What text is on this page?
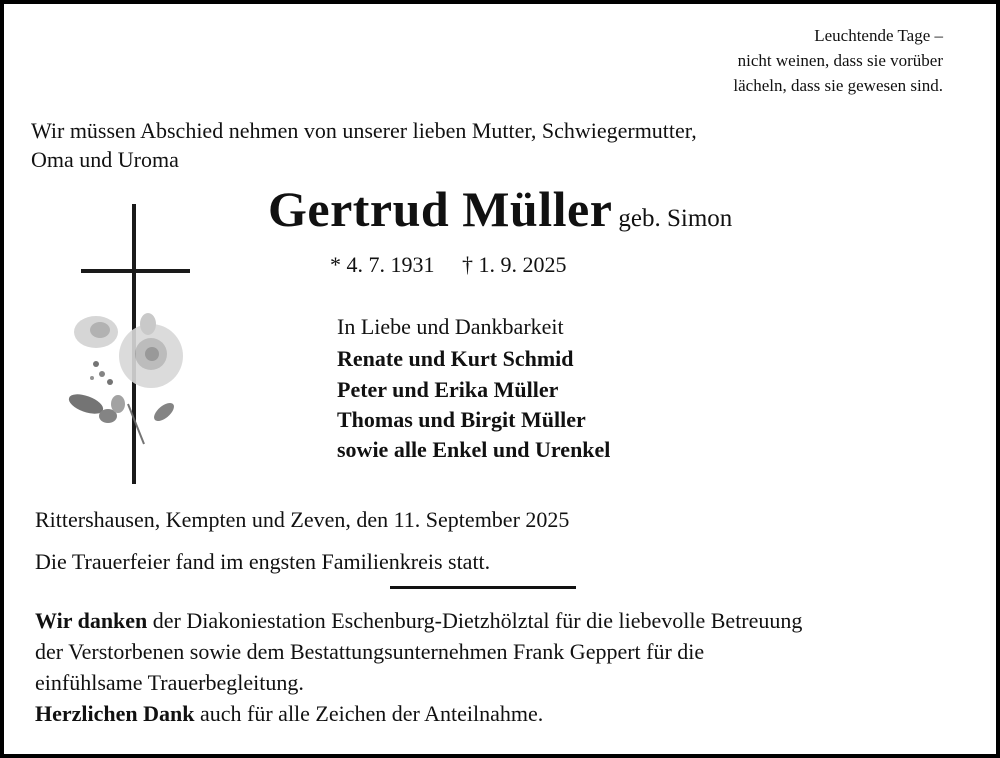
Leuchtende Tage –
nicht weinen, dass sie vorüber
lächeln, dass sie gewesen sind.
Wir müssen Abschied nehmen von unserer lieben Mutter, Schwiegermutter,
Oma und Uroma
Gertrud Müller geb. Simon
* 4. 7. 1931     † 1. 9. 2025
In Liebe und Dankbarkeit
Renate und Kurt Schmid
Peter und Erika Müller
Thomas und Birgit Müller
sowie alle Enkel und Urenkel
Rittershausen, Kempten und Zeven, den 11. September 2025
Die Trauerfeier fand im engsten Familienkreis statt.
Wir danken der Diakoniestation Eschenburg-Dietzhölztal für die liebevolle Betreuung
der Verstorbenen sowie dem Bestattungsunternehmen Frank Geppert für die
einfühlsame Trauerbegleitung.
Herzlichen Dank auch für alle Zeichen der Anteilnahme.
